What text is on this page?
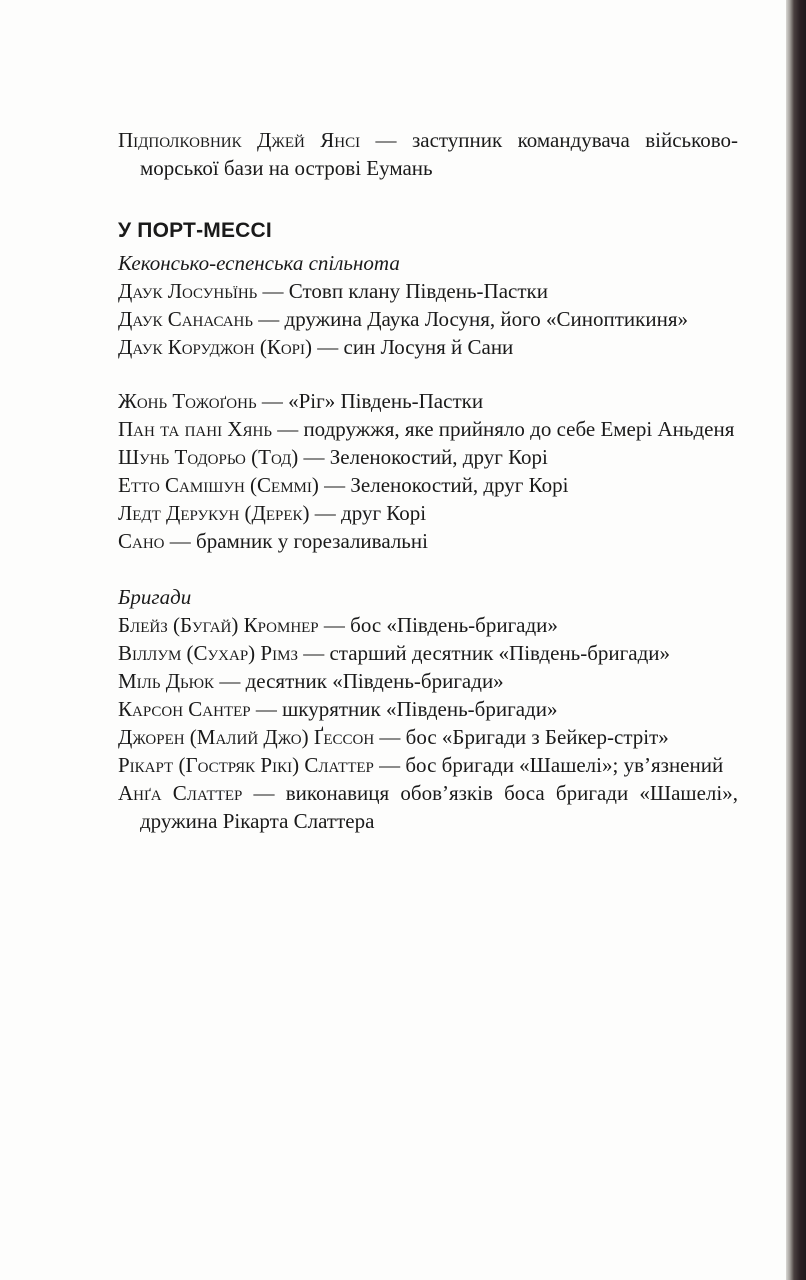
Підполковник Джей Янсі — заступник командувача військово-морської бази на острові Еумань
У ПОРТ-МЕССІ
Кеконсько-еспенська спільнота
Даук Лосуньїнь — Стовп клану Південь-Пастки
Даук Санасань — дружина Даука Лосуня, його «Синоптикиня»
Даук Коруджон (Корі) — син Лосуня й Сани
Жонь Тожоґонь — «Ріг» Південь-Пастки
Пан та пані Хянь — подружжя, яке прийняло до себе Емері Аньденя
Шунь Тодорьо (Тод) — Зеленокостий, друг Корі
Етто Самішун (Семмі) — Зеленокостий, друг Корі
Ледт Дерукун (Дерек) — друг Корі
Сано — брамник у горезаливальні
Бригади
Блейз (Бугай) Кромнер — бос «Південь-бригади»
Віллум (Сухар) Рімз — старший десятник «Південь-бригади»
Міль Дьюк — десятник «Південь-бригади»
Карсон Сантер — шкурятник «Південь-бригади»
Джорен (Малий Джо) Ґессон — бос «Бригади з Бейкер-стріт»
Рікарт (Гостряк Рікі) Слаттер — бос бригади «Шашелі»; ув’язнений
Анґа Слаттер — виконавиця обов’язків боса бригади «Шашелі», дружина Рікарта Слаттера
